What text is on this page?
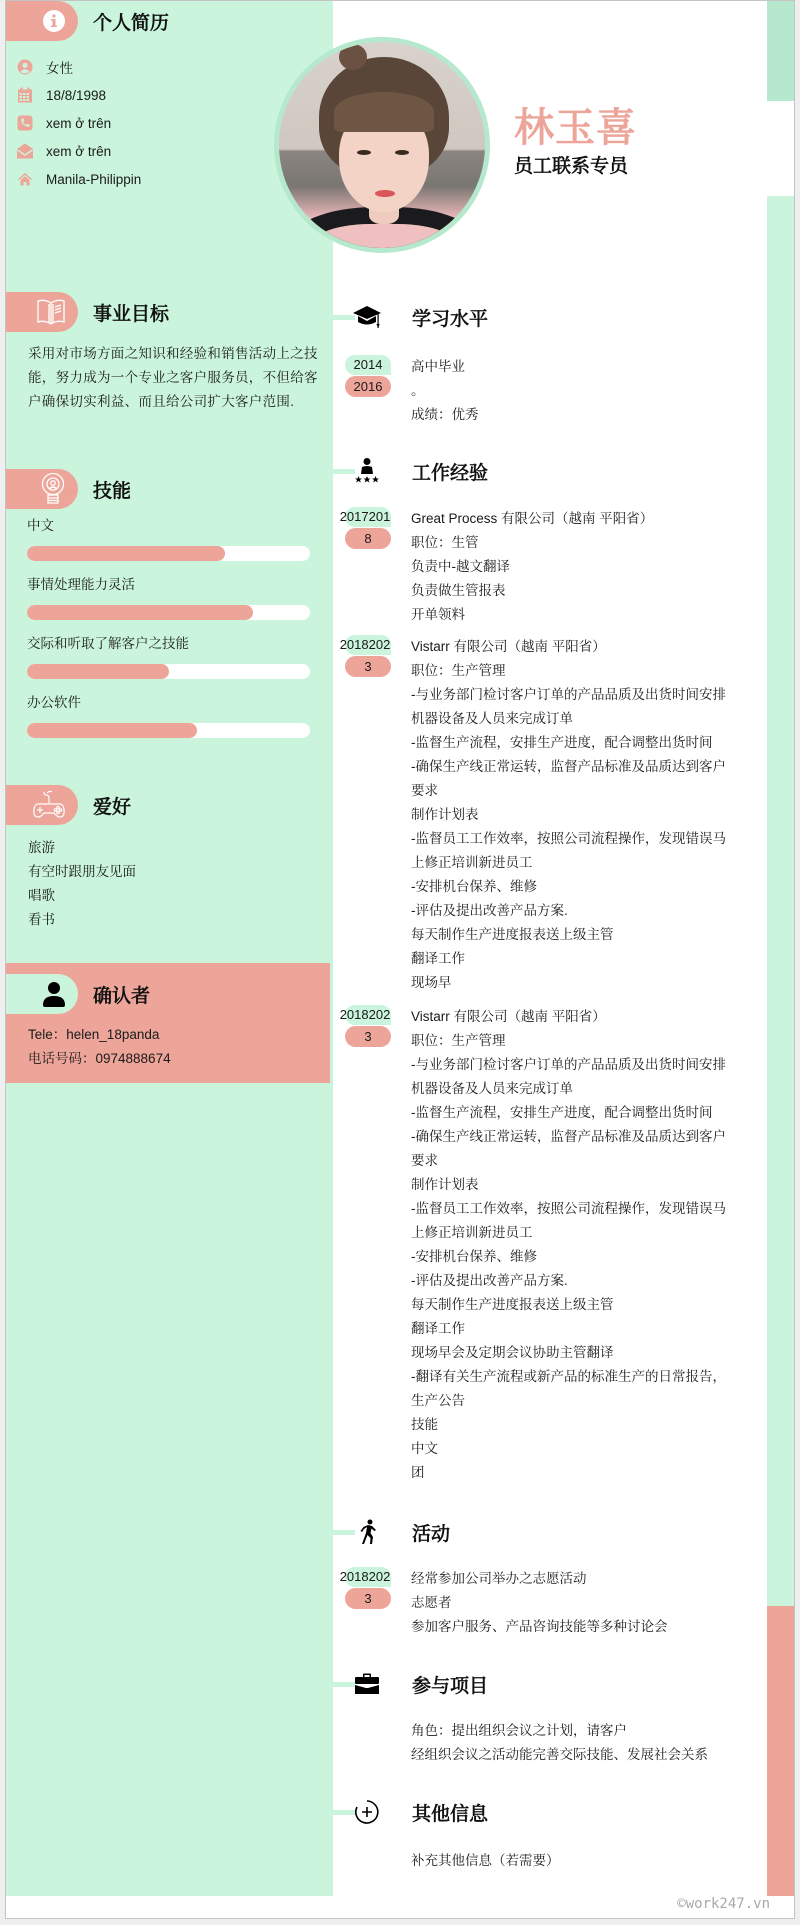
个人简历
女性
18/8/1998
xem ở trên
xem ở trên
Manila-Philippin
林玉喜
员工联系专员
事业目标
采用对市场方面之知识和经验和销售活动上之技能，努力成为一个专业之客户服务员，不但给客户确保切实利益、而且给公司扩大客户范围.
技能
中文
事情处理能力灵活
交际和听取了解客户之技能
办公软件
爱好
旅游
有空时跟朋友见面
唱歌
看书
确认者
Tele：helen_18panda
电话号码：0974888674
学习水平
2014
2016
高中毕业
。
成绩：优秀
工作经验
2017201
8
Great Process 有限公司（越南 平阳省）
职位：生管
负责中-越文翻译
负责做生管报表
开单领料
2018202
3
Vistarr 有限公司（越南 平阳省）
职位：生产管理
-与业务部门检讨客户订单的产品品质及出货时间安排
机器设备及人员来完成订单
-监督生产流程，安排生产进度，配合调整出货时间
-确保生产线正常运转，监督产品标准及品质达到客户
要求
制作计划表
-监督员工工作效率，按照公司流程操作，发现错误马
上修正培训新进员工
-安排机台保养、维修
-评估及提出改善产品方案.
每天制作生产进度报表送上级主管
翻译工作
现场早
2018202
3
Vistarr 有限公司（越南 平阳省）
职位：生产管理
-与业务部门检讨客户订单的产品品质及出货时间安排
机器设备及人员来完成订单
-监督生产流程，安排生产进度，配合调整出货时间
-确保生产线正常运转，监督产品标准及品质达到客户
要求
制作计划表
-监督员工工作效率，按照公司流程操作，发现错误马
上修正培训新进员工
-安排机台保养、维修
-评估及提出改善产品方案.
每天制作生产进度报表送上级主管
翻译工作
现场早会及定期会议协助主管翻译
-翻译有关生产流程或新产品的标准生产的日常报告，
生产公告
技能
中文
团
活动
2018202
3
经常参加公司举办之志愿活动
志愿者
参加客户服务、产品咨询技能等多种讨论会
参与项目
角色：提出组织会议之计划，请客户
经组织会议之活动能完善交际技能、发展社会关系
其他信息
补充其他信息（若需要）
©work247.vn
